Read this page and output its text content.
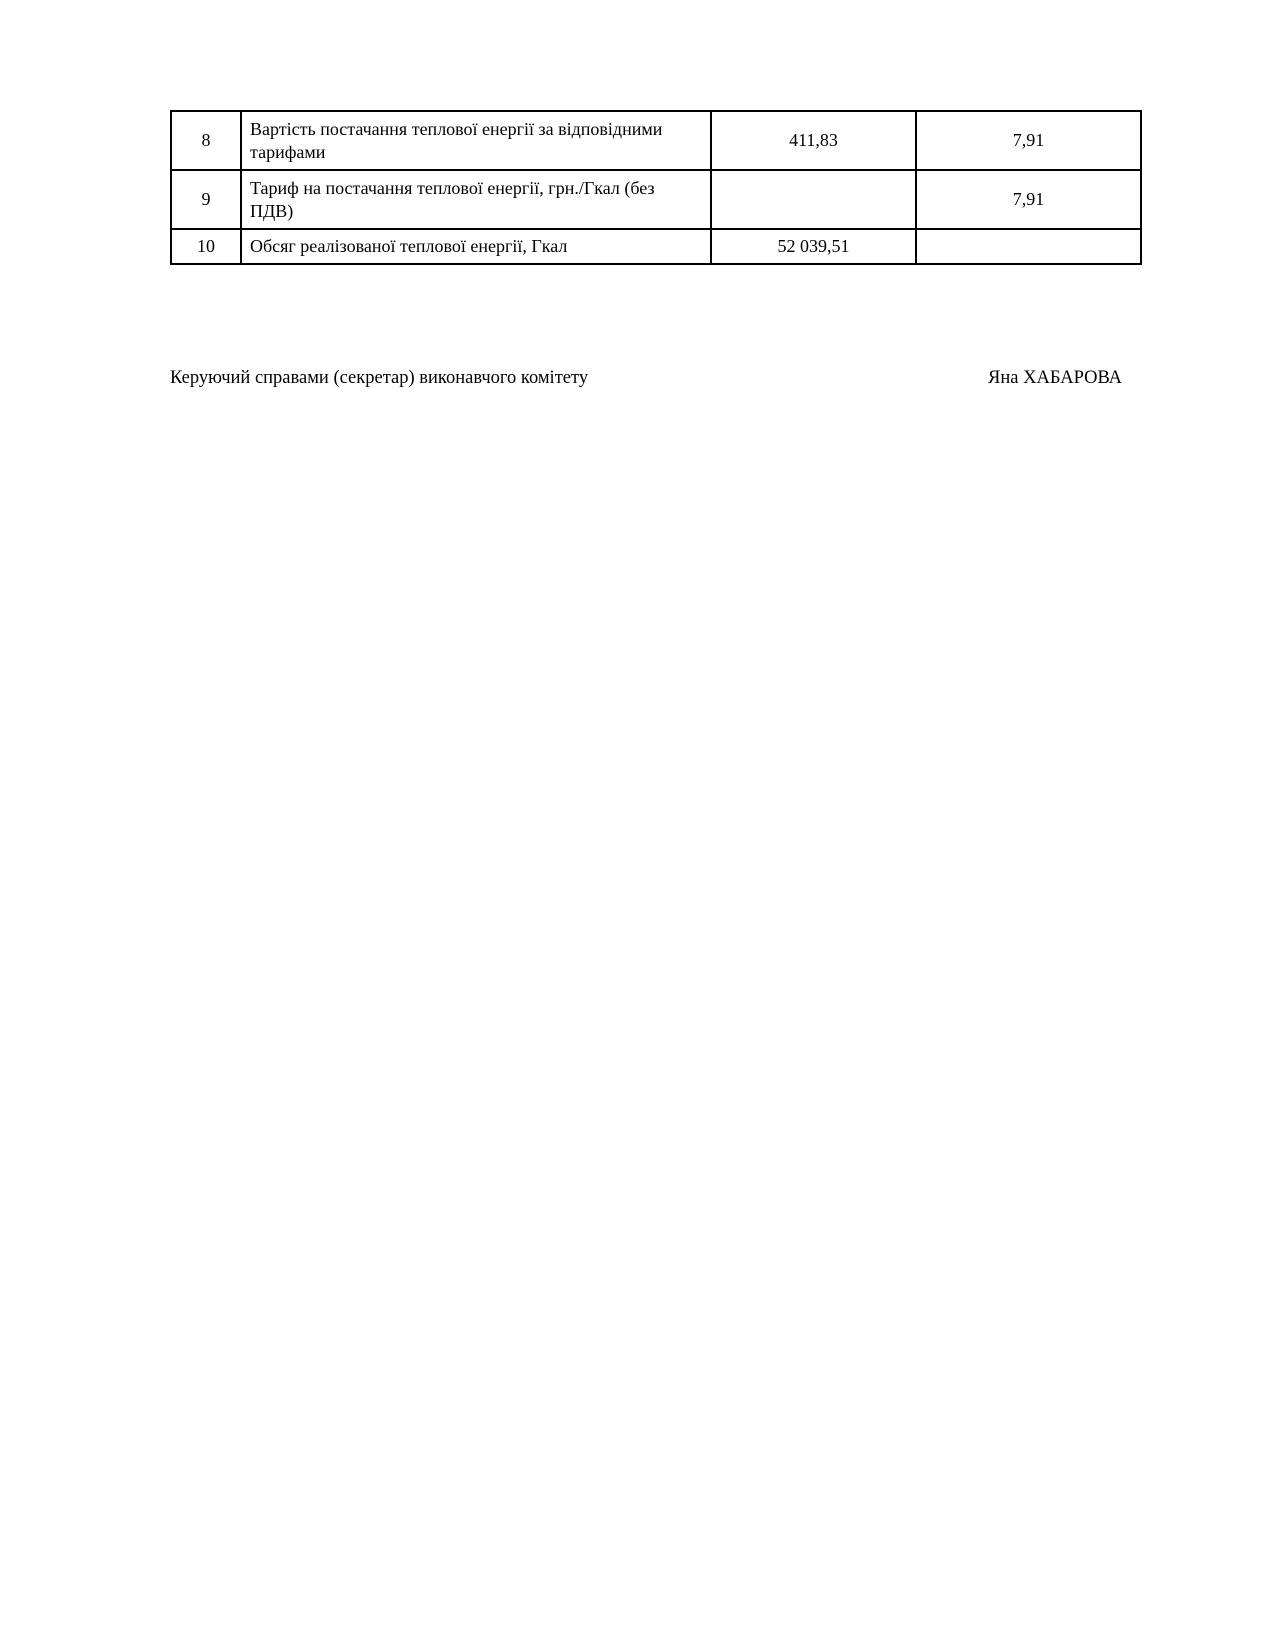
8	Вартість постачання теплової енергії за відповідними тарифами	411,83	7,91
9	Тариф на постачання теплової енергії, грн./Гкал (без ПДВ)		7,91
10	Обсяг реалізованої теплової енергії, Гкал	52 039,51	
Керуючий справами (секретар) виконавчого комітету	Яна ХАБАРОВА
